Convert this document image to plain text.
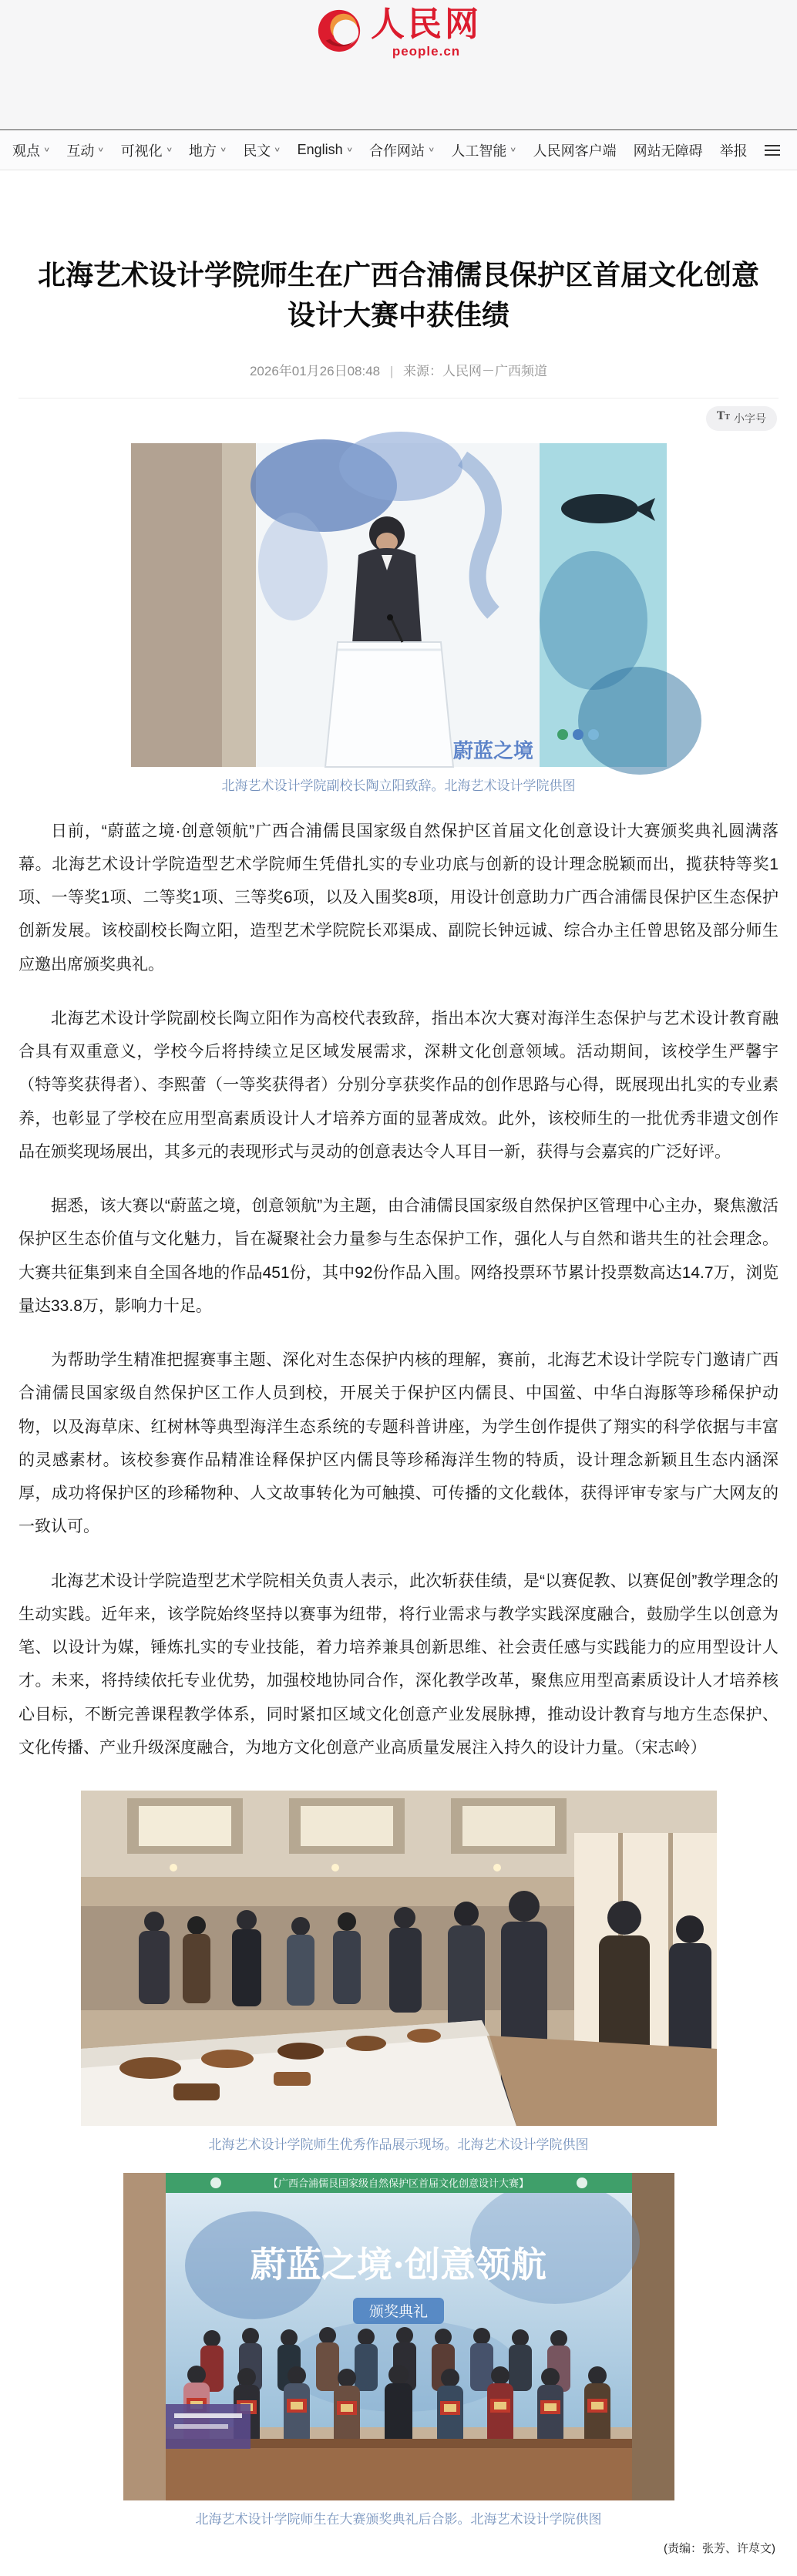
人民网
people.cn
观点 ∨ 互动 ∨ 可视化 ∨ 地方 ∨ 民文 ∨ English ∨ 合作网站 ∨ 人工智能 ∨ 人民网客户端 网站无障碍 举报
北海艺术设计学院师生在广西合浦儒艮保护区首届文化创意设计大赛中获佳绩
2026年01月26日08:48 | 来源：人民网－广西频道
TT 小字号
蔚蓝之境
北海艺术设计学院副校长陶立阳致辞。北海艺术设计学院供图

日前，“蔚蓝之境·创意领航”广西合浦儒艮国家级自然保护区首届文化创意设计大赛颁奖典礼圆满落幕。北海艺术设计学院造型艺术学院师生凭借扎实的专业功底与创新的设计理念脱颖而出，揽获特等奖1项、一等奖1项、二等奖1项、三等奖6项，以及入围奖8项，用设计创意助力广西合浦儒艮保护区生态保护创新发展。该校副校长陶立阳，造型艺术学院院长邓渠成、副院长钟远诚、综合办主任曾思铭及部分师生应邀出席颁奖典礼。

北海艺术设计学院副校长陶立阳作为高校代表致辞，指出本次大赛对海洋生态保护与艺术设计教育融合具有双重意义，学校今后将持续立足区域发展需求，深耕文化创意领域。活动期间，该校学生严馨宇（特等奖获得者）、李熙蕾（一等奖获得者）分别分享获奖作品的创作思路与心得，既展现出扎实的专业素养，也彰显了学校在应用型高素质设计人才培养方面的显著成效。此外，该校师生的一批优秀非遗文创作品在颁奖现场展出，其多元的表现形式与灵动的创意表达令人耳目一新，获得与会嘉宾的广泛好评。

据悉，该大赛以“蔚蓝之境，创意领航”为主题，由合浦儒艮国家级自然保护区管理中心主办，聚焦激活保护区生态价值与文化魅力，旨在凝聚社会力量参与生态保护工作，强化人与自然和谐共生的社会理念。大赛共征集到来自全国各地的作品451份，其中92份作品入围。网络投票环节累计投票数高达14.7万，浏览量达33.8万，影响力十足。

为帮助学生精准把握赛事主题、深化对生态保护内核的理解，赛前，北海艺术设计学院专门邀请广西合浦儒艮国家级自然保护区工作人员到校，开展关于保护区内儒艮、中国鲎、中华白海豚等珍稀保护动物，以及海草床、红树林等典型海洋生态系统的专题科普讲座，为学生创作提供了翔实的科学依据与丰富的灵感素材。该校参赛作品精准诠释保护区内儒艮等珍稀海洋生物的特质，设计理念新颖且生态内涵深厚，成功将保护区的珍稀物种、人文故事转化为可触摸、可传播的文化载体，获得评审专家与广大网友的一致认可。

北海艺术设计学院造型艺术学院相关负责人表示，此次斩获佳绩，是“以赛促教、以赛促创”教学理念的生动实践。近年来，该学院始终坚持以赛事为纽带，将行业需求与教学实践深度融合，鼓励学生以创意为笔、以设计为媒，锤炼扎实的专业技能，着力培养兼具创新思维、社会责任感与实践能力的应用型设计人才。未来，将持续依托专业优势，加强校地协同合作，深化教学改革，聚焦应用型高素质设计人才培养核心目标，不断完善课程教学体系，同时紧扣区域文化创意产业发展脉搏，推动设计教育与地方生态保护、文化传播、产业升级深度融合，为地方文化创意产业高质量发展注入持久的设计力量。（宋志岭）

北海艺术设计学院师生优秀作品展示现场。北海艺术设计学院供图
【广西合浦儒艮国家级自然保护区首届文化创意设计大赛】
蔚蓝之境·创意领航
颁奖典礼
北海艺术设计学院师生在大赛颁奖典礼后合影。北海艺术设计学院供图
(责编：张芳、许荩文)
